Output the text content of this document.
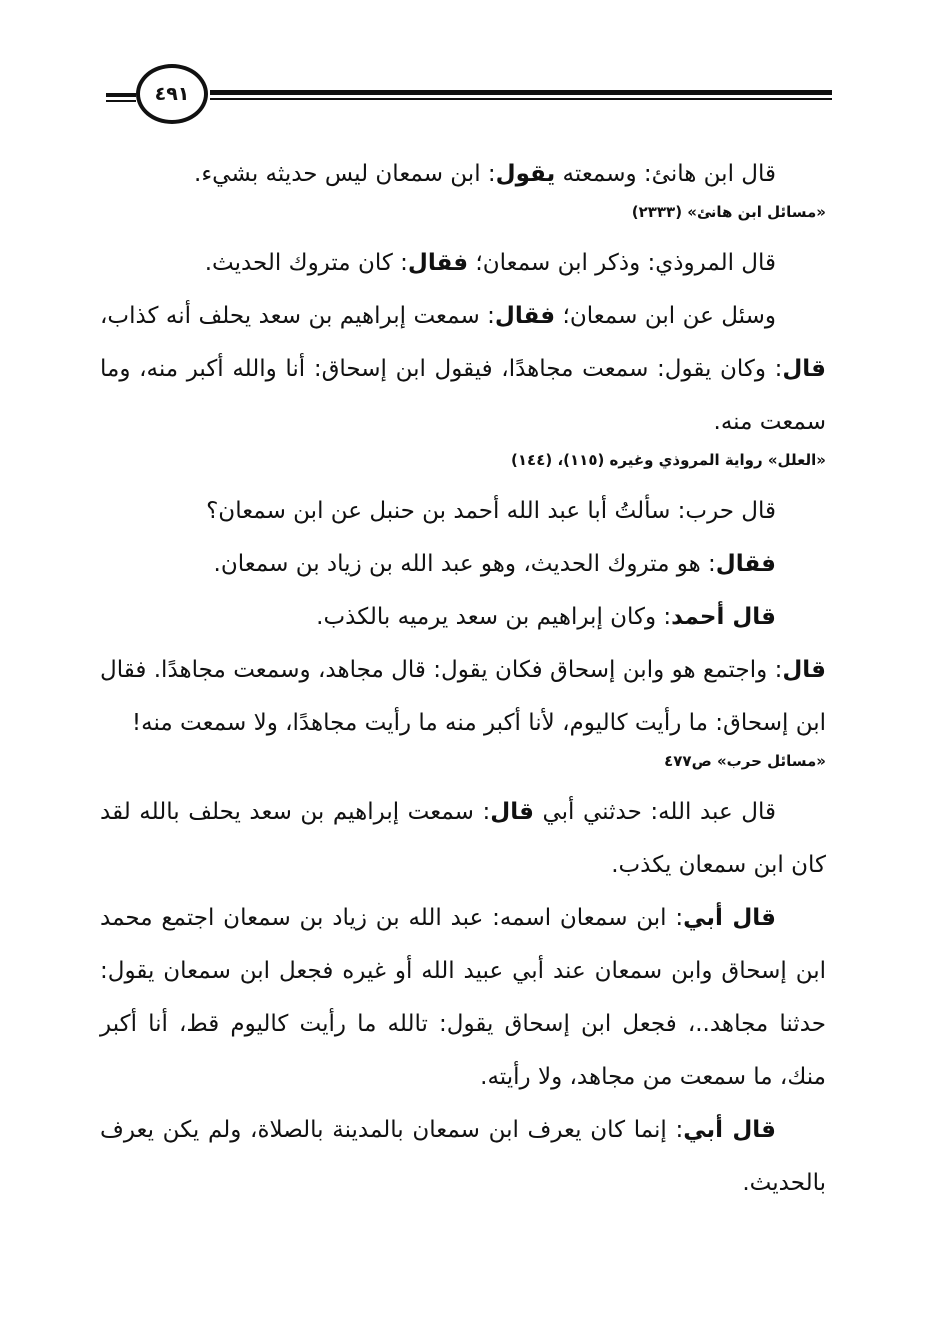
٤٩١

قال ابن هانئ: وسمعته يقول: ابن سمعان ليس حديثه بشيء.

«مسائل ابن هانئ» (٢٣٣٣)

قال المروذي: وذكر ابن سمعان؛ فقال: كان متروك الحديث.

وسئل عن ابن سمعان؛ فقال: سمعت إبراهيم بن سعد يحلف أنه كذاب، قال: وكان يقول: سمعت مجاهدًا، فيقول ابن إسحاق: أنا والله أكبر منه، وما سمعت منه.

«العلل» رواية المروذي وغيره (١١٥)، (١٤٤)

قال حرب: سألتُ أبا عبد الله أحمد بن حنبل عن ابن سمعان؟

فقال: هو متروك الحديث، وهو عبد الله بن زياد بن سمعان.

قال أحمد: وكان إبراهيم بن سعد يرميه بالكذب.

قال: واجتمع هو وابن إسحاق فكان يقول: قال مجاهد، وسمعت مجاهدًا. فقال ابن إسحاق: ما رأيت كاليوم، لأنا أكبر منه ما رأيت مجاهدًا، ولا سمعت منه!

«مسائل حرب» ص٤٧٧

قال عبد الله: حدثني أبي قال: سمعت إبراهيم بن سعد يحلف بالله لقد كان ابن سمعان يكذب.

قال أبي: ابن سمعان اسمه: عبد الله بن زياد بن سمعان اجتمع محمد ابن إسحاق وابن سمعان عند أبي عبيد الله أو غيره فجعل ابن سمعان يقول: حدثنا مجاهد..، فجعل ابن إسحاق يقول: تالله ما رأيت كاليوم قط، أنا أكبر منك، ما سمعت من مجاهد، ولا رأيته.

قال أبي: إنما كان يعرف ابن سمعان بالمدينة بالصلاة، ولم يكن يعرف بالحديث.
